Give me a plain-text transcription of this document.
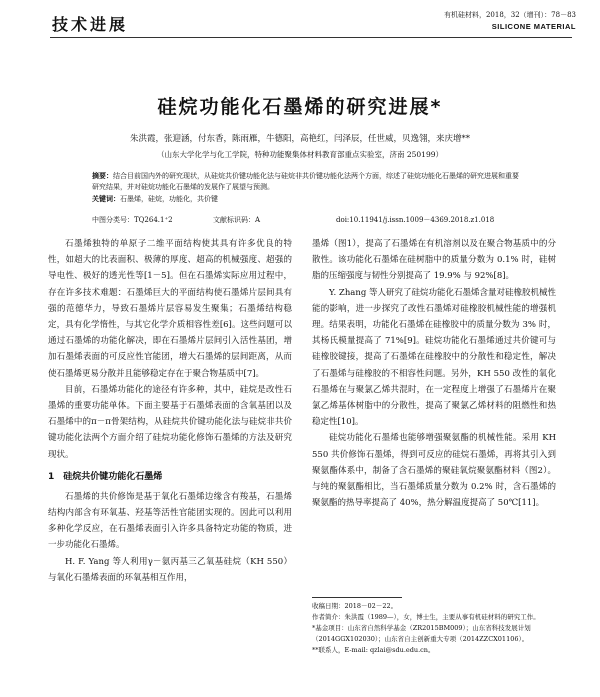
技术进展	有机硅材料，2018，32（增刊）：78－83
SILICONE MATERIAL
硅烷功能化石墨烯的研究进展*
朱洪霞，张迎涵，付东香，陈雨雁，牛德阳，高艳红，闫泽辰，任世威，贝逸翎，来庆增**
（山东大学化学与化工学院，特种功能聚集体材料教育部重点实验室，济南 250199）
摘要：结合目前国内外的研究现状，从硅烷共价键功能化法与硅烷非共价键功能化法两个方面，综述了硅烷功能化石墨烯的研究进展和重要研究结果，并对硅烷功能化石墨烯的发展作了展望与预测。
关键词：石墨烯，硅烷，功能化，共价键
中图分类号：TQ264.1⁺2	文献标识码：A	doi:10.11941/j.issn.1009－4369.2018.z1.018

石墨烯独特的单原子二维平面结构使其具有许多优良的特性，如超大的比表面积、极薄的厚度、超高的机械强度、超强的导电性、极好的透光性等[1－5]。但在石墨烯实际应用过程中，存在许多技术难题：石墨烯巨大的平面结构使石墨烯片层间具有强的范德华力，导致石墨烯片层容易发生聚集；石墨烯结构稳定，具有化学惰性，与其它化学介质相容性差[6]。这些问题可以通过石墨烯的功能化解决，即在石墨烯片层间引入活性基团，增加石墨烯表面的可反应性官能团，增大石墨烯的层间距离，从而使石墨烯更易分散并且能够稳定存在于聚合物基质中[7]。

目前，石墨烯功能化的途径有许多种，其中，硅烷是改性石墨烯的重要功能单体。下面主要基于石墨烯表面的含氧基团以及石墨烯中的π－π骨架结构，从硅烷共价键功能化法与硅烷非共价键功能化法两个方面介绍了硅烷功能化修饰石墨烯的方法及研究现状。

1　硅烷共价键功能化石墨烯

石墨烯的共价修饰是基于氧化石墨烯边缘含有羧基，石墨烯结构内部含有环氧基、羟基等活性官能团实现的。因此可以利用多种化学反应，在石墨烯表面引入许多具备特定功能的物质，进一步功能化石墨烯。

H. F. Yang 等人利用γ－氨丙基三乙氧基硅烷（KH 550）与氧化石墨烯表面的环氧基相互作用，

墨烯（图1），提高了石墨烯在有机溶剂以及在聚合物基质中的分散性。该功能化石墨烯在硅树脂中的质量分数为 0.1% 时，硅树脂的压缩强度与韧性分别提高了 19.9% 与 92%[8]。

Y. Zhang 等人研究了硅烷功能化石墨烯含量对硅橡胶机械性能的影响，进一步探究了改性石墨烯对硅橡胶机械性能的增强机理。结果表明，功能化石墨烯在硅橡胶中的质量分数为 3% 时，其杨氏模量提高了 71%[9]。硅烷功能化石墨烯通过共价键可与硅橡胶键接，提高了石墨烯在硅橡胶中的分散性和稳定性，解决了石墨烯与硅橡胶的不相容性问题。另外，KH 550 改性的氧化石墨烯在与聚氯乙烯共混时，在一定程度上增强了石墨烯片在聚氯乙烯基体树脂中的分散性，提高了聚氯乙烯材料的阻燃性和热稳定性[10]。

硅烷功能化石墨烯也能够增强聚氨酯的机械性能。采用 KH 550 共价修饰石墨烯，得到可反应的硅烷石墨烯，再将其引入到聚氨酯体系中，制备了含石墨烯的聚硅氧烷聚氨酯材料（图2）。与纯的聚氨酯相比，当石墨烯质量分数为 0.2% 时，含石墨烯的聚氨酯的热导率提高了 40%，热分解温度提高了 50℃[11]。

收稿日期：2018－02－22。
作者简介：朱洪霞（1989—），女，博士生，主要从事有机硅材料的研究工作。
*基金项目：山东省自然科学基金（ZR2015BM009）；山东省科技发展计划（2014GGX102030）；山东省自主创新重大专项（2014ZZCX01106）。
**联系人，E-mail: qzlai@sdu.edu.cn。
